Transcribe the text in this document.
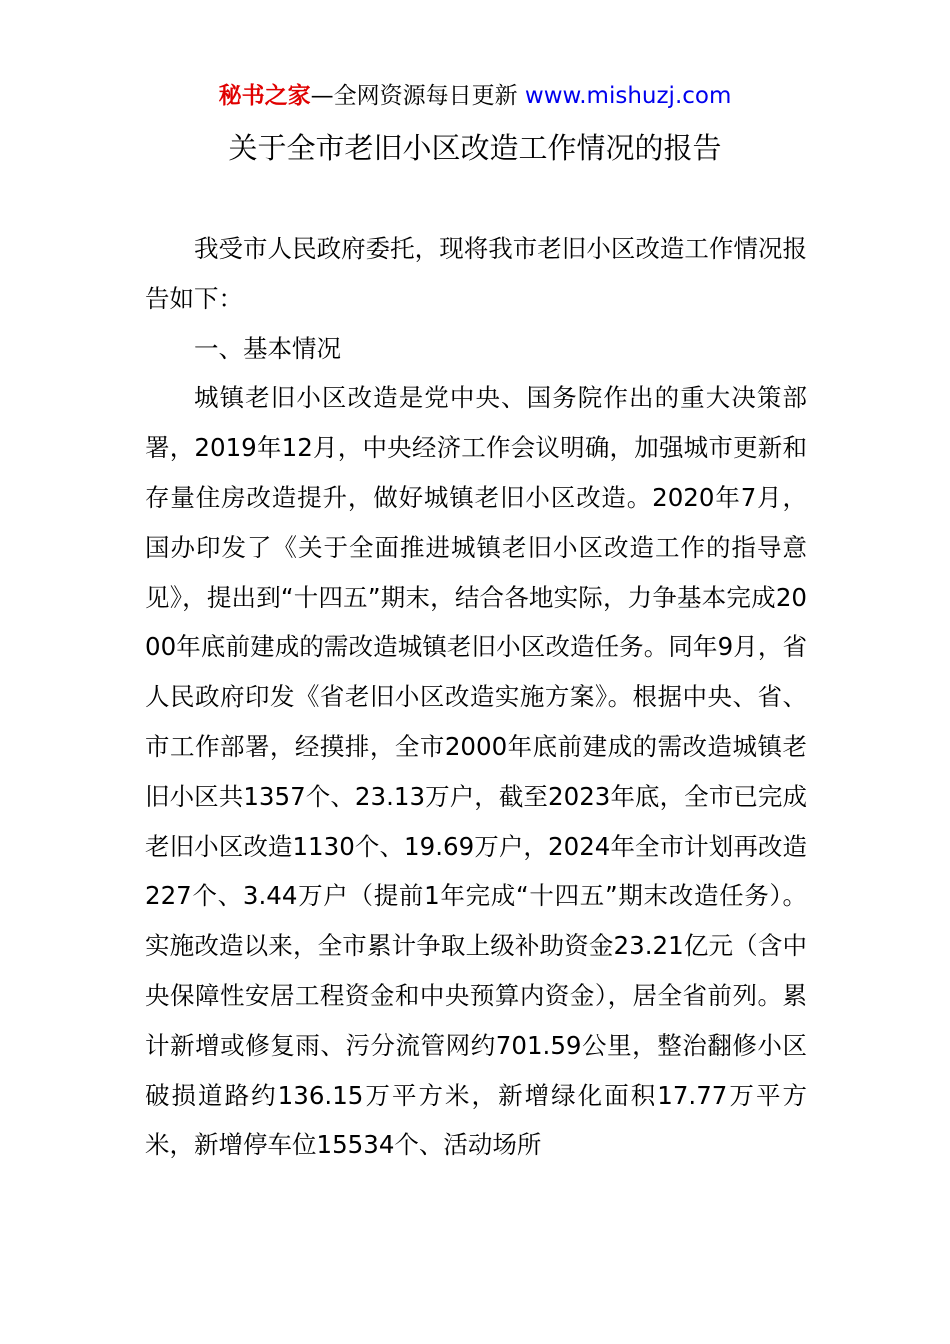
秘书之家—全网资源每日更新 www.mishuzj.com
关于全市老旧小区改造工作情况的报告

我受市人民政府委托，现将我市老旧小区改造工作情况报告如下：

一、基本情况

城镇老旧小区改造是党中央、国务院作出的重大决策部署，2019年12月，中央经济工作会议明确，加强城市更新和存量住房改造提升，做好城镇老旧小区改造。2020年7月，国办印发了《关于全面推进城镇老旧小区改造工作的指导意见》，提出到“十四五”期末，结合各地实际，力争基本完成2000年底前建成的需改造城镇老旧小区改造任务。同年9月，省人民政府印发《省老旧小区改造实施方案》。根据中央、省、市工作部署，经摸排，全市2000年底前建成的需改造城镇老旧小区共1357个、23.13万户，截至2023年底，全市已完成老旧小区改造1130个、19.69万户，2024年全市计划再改造227个、3.44万户（提前1年完成“十四五”期末改造任务）。实施改造以来，全市累计争取上级补助资金23.21亿元（含中央保障性安居工程资金和中央预算内资金），居全省前列。累计新增或修复雨、污分流管网约701.59公里，整治翻修小区破损道路约136.15万平方米，新增绿化面积17.77万平方米，新增停车位15534个、活动场所
